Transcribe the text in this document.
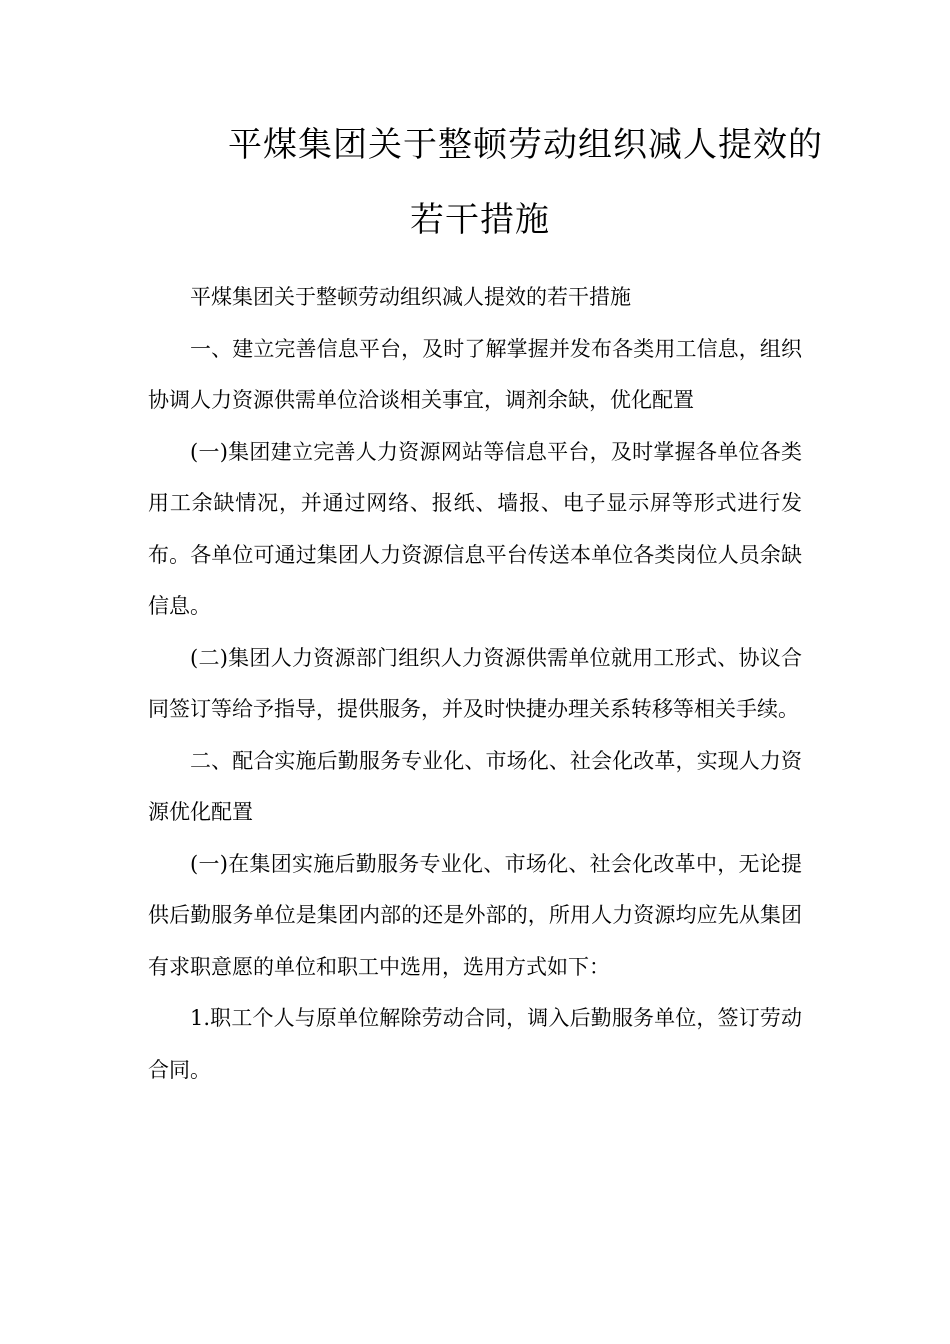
平煤集团关于整顿劳动组织减人提效的
若干措施

平煤集团关于整顿劳动组织减人提效的若干措施

一、建立完善信息平台，及时了解掌握并发布各类用工信息，组织协调人力资源供需单位洽谈相关事宜，调剂余缺，优化配置

(一)集团建立完善人力资源网站等信息平台，及时掌握各单位各类用工余缺情况，并通过网络、报纸、墙报、电子显示屏等形式进行发布。各单位可通过集团人力资源信息平台传送本单位各类岗位人员余缺信息。

(二)集团人力资源部门组织人力资源供需单位就用工形式、协议合同签订等给予指导，提供服务，并及时快捷办理关系转移等相关手续。

二、配合实施后勤服务专业化、市场化、社会化改革，实现人力资源优化配置

(一)在集团实施后勤服务专业化、市场化、社会化改革中，无论提供后勤服务单位是集团内部的还是外部的，所用人力资源均应先从集团有求职意愿的单位和职工中选用，选用方式如下：

1.职工个人与原单位解除劳动合同，调入后勤服务单位，签订劳动合同。
